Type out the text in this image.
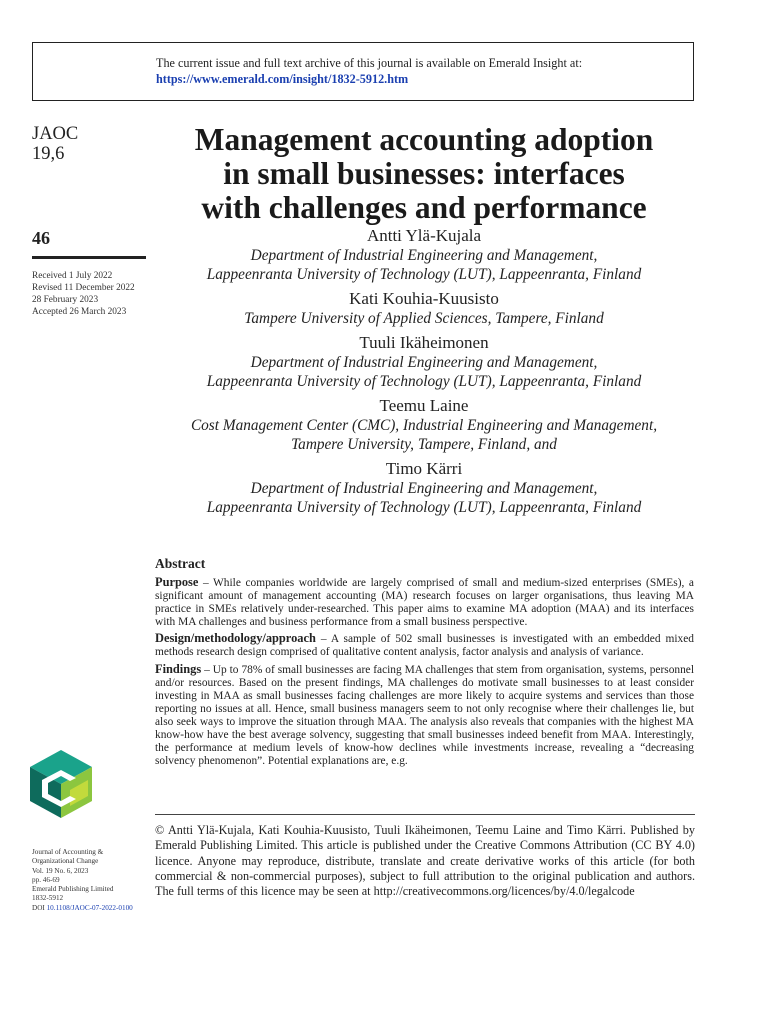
The current issue and full text archive of this journal is available on Emerald Insight at:
https://www.emerald.com/insight/1832-5912.htm
JAOC
19,6
46
Received 1 July 2022
Revised 11 December 2022
28 February 2023
Accepted 26 March 2023
Management accounting adoption
in small businesses: interfaces
with challenges and performance
Antti Ylä-Kujala
Department of Industrial Engineering and Management,
Lappeenranta University of Technology (LUT), Lappeenranta, Finland
Kati Kouhia-Kuusisto
Tampere University of Applied Sciences, Tampere, Finland
Tuuli Ikäheimonen
Department of Industrial Engineering and Management,
Lappeenranta University of Technology (LUT), Lappeenranta, Finland
Teemu Laine
Cost Management Center (CMC), Industrial Engineering and Management,
Tampere University, Tampere, Finland, and
Timo Kärri
Department of Industrial Engineering and Management,
Lappeenranta University of Technology (LUT), Lappeenranta, Finland
Abstract

Purpose – While companies worldwide are largely comprised of small and medium-sized enterprises (SMEs), a significant amount of management accounting (MA) research focuses on larger organisations, thus leaving MA practice in SMEs relatively under-researched. This paper aims to examine MA adoption (MAA) and its interfaces with MA challenges and business performance from a small business perspective.

Design/methodology/approach – A sample of 502 small businesses is investigated with an embedded mixed methods research design comprised of qualitative content analysis, factor analysis and analysis of variance.

Findings – Up to 78% of small businesses are facing MA challenges that stem from organisation, systems, personnel and/or resources. Based on the present findings, MA challenges do motivate small businesses to at least consider investing in MAA as small businesses facing challenges are more likely to acquire systems and services than those reporting no issues at all. Hence, small business managers seem to not only recognise where their challenges lie, but also seek ways to improve the situation through MAA. The analysis also reveals that companies with the highest MA know-how have the best average solvency, suggesting that small businesses indeed benefit from MAA. Interestingly, the performance at medium levels of know-how declines while investments increase, revealing a “decreasing solvency phenomenon”. Potential explanations are, e.g.

Journal of Accounting &
Organizational Change
Vol. 19 No. 6, 2023
pp. 46-69
Emerald Publishing Limited
1832-5912
DOI 10.1108/JAOC-07-2022-0100

© Antti Ylä-Kujala, Kati Kouhia-Kuusisto, Tuuli Ikäheimonen, Teemu Laine and Timo Kärri. Published by Emerald Publishing Limited. This article is published under the Creative Commons Attribution (CC BY 4.0) licence. Anyone may reproduce, distribute, translate and create derivative works of this article (for both commercial & non-commercial purposes), subject to full attribution to the original publication and authors. The full terms of this licence may be seen at http://creativecommons.org/licences/by/4.0/legalcode
